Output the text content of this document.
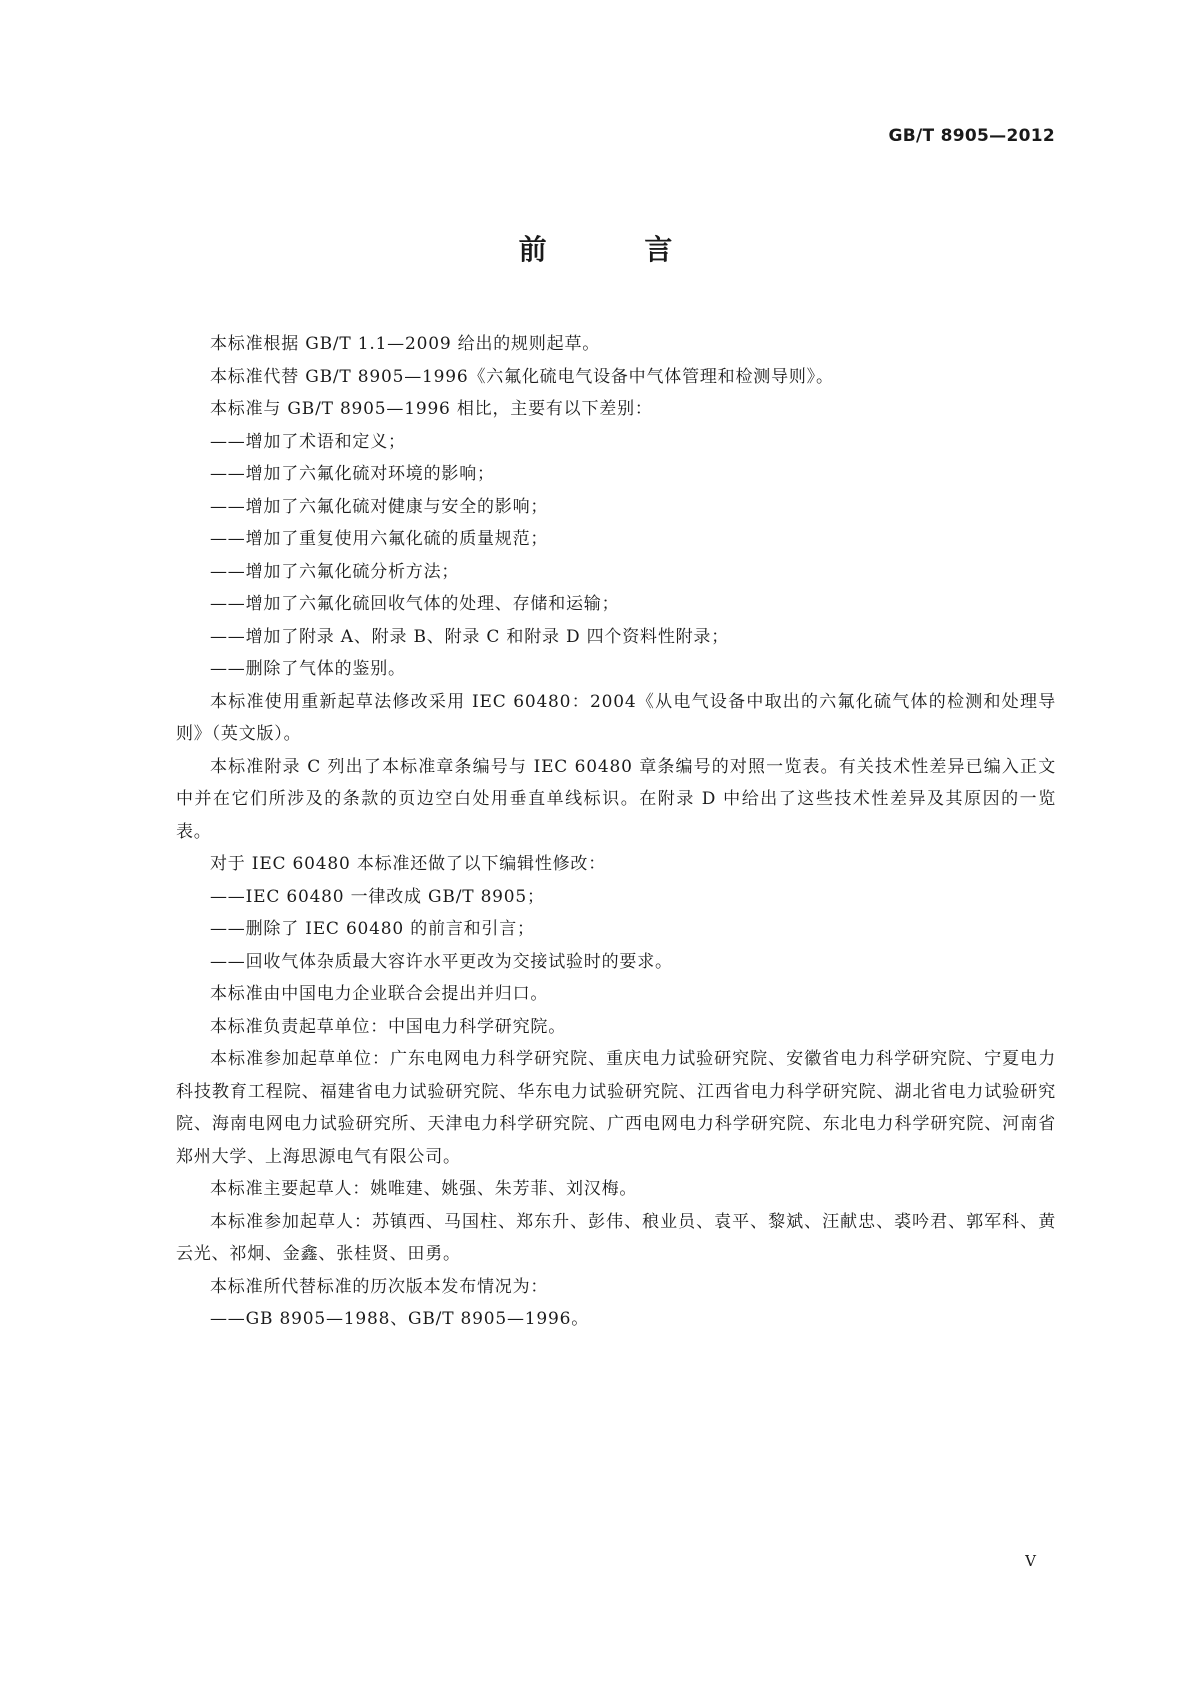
GB/T 8905—2012
前 言

本标准根据 GB/T 1.1—2009 给出的规则起草。

本标准代替 GB/T 8905—1996《六氟化硫电气设备中气体管理和检测导则》。

本标准与 GB/T 8905—1996 相比，主要有以下差别：

——增加了术语和定义；

——增加了六氟化硫对环境的影响；

——增加了六氟化硫对健康与安全的影响；

——增加了重复使用六氟化硫的质量规范；

——增加了六氟化硫分析方法；

——增加了六氟化硫回收气体的处理、存储和运输；

——增加了附录 A、附录 B、附录 C 和附录 D 四个资料性附录；

——删除了气体的鉴别。

本标准使用重新起草法修改采用 IEC 60480：2004《从电气设备中取出的六氟化硫气体的检测和处理导则》（英文版）。

本标准附录 C 列出了本标准章条编号与 IEC 60480 章条编号的对照一览表。有关技术性差异已编入正文中并在它们所涉及的条款的页边空白处用垂直单线标识。在附录 D 中给出了这些技术性差异及其原因的一览表。

对于 IEC 60480 本标准还做了以下编辑性修改：

——IEC 60480 一律改成 GB/T 8905；

——删除了 IEC 60480 的前言和引言；

——回收气体杂质最大容许水平更改为交接试验时的要求。

本标准由中国电力企业联合会提出并归口。

本标准负责起草单位：中国电力科学研究院。

本标准参加起草单位：广东电网电力科学研究院、重庆电力试验研究院、安徽省电力科学研究院、宁夏电力科技教育工程院、福建省电力试验研究院、华东电力试验研究院、江西省电力科学研究院、湖北省电力试验研究院、海南电网电力试验研究所、天津电力科学研究院、广西电网电力科学研究院、东北电力科学研究院、河南省郑州大学、上海思源电气有限公司。

本标准主要起草人：姚唯建、姚强、朱芳菲、刘汉梅。

本标准参加起草人：苏镇西、马国柱、郑东升、彭伟、稂业员、袁平、黎斌、汪献忠、裘吟君、郭军科、黄云光、祁炯、金鑫、张桂贤、田勇。

本标准所代替标准的历次版本发布情况为：

——GB 8905—1988、GB/T 8905—1996。

V
